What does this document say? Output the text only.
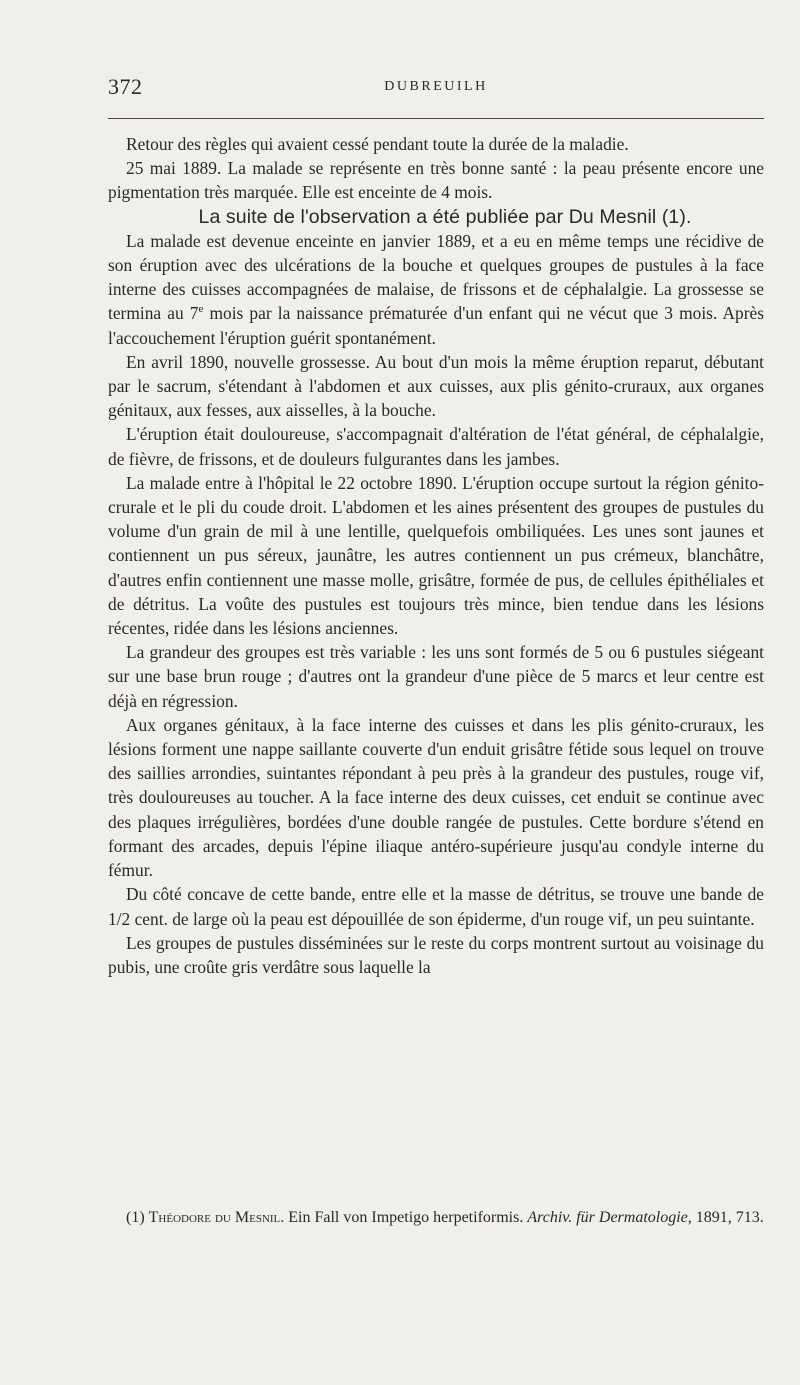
372	DUBREUILH

Retour des règles qui avaient cessé pendant toute la durée de la maladie.

25 mai 1889. La malade se représente en très bonne santé : la peau présente encore une pigmentation très marquée. Elle est enceinte de 4 mois.

La suite de l'observation a été publiée par Du Mesnil (1).

La malade est devenue enceinte en janvier 1889, et a eu en même temps une récidive de son éruption avec des ulcérations de la bouche et quelques groupes de pustules à la face interne des cuisses accompagnées de malaise, de frissons et de céphalalgie. La grossesse se termina au 7e mois par la naissance prématurée d'un enfant qui ne vécut que 3 mois. Après l'accouchement l'éruption guérit spontanément.

En avril 1890, nouvelle grossesse. Au bout d'un mois la même éruption reparut, débutant par le sacrum, s'étendant à l'abdomen et aux cuisses, aux plis génito-cruraux, aux organes génitaux, aux fesses, aux aisselles, à la bouche.

L'éruption était douloureuse, s'accompagnait d'altération de l'état général, de céphalalgie, de fièvre, de frissons, et de douleurs fulgurantes dans les jambes.

La malade entre à l'hôpital le 22 octobre 1890. L'éruption occupe surtout la région génito-crurale et le pli du coude droit. L'abdomen et les aines présentent des groupes de pustules du volume d'un grain de mil à une lentille, quelquefois ombiliquées. Les unes sont jaunes et contiennent un pus séreux, jaunâtre, les autres contiennent un pus crémeux, blanchâtre, d'autres enfin contiennent une masse molle, grisâtre, formée de pus, de cellules épithéliales et de détritus. La voûte des pustules est toujours très mince, bien tendue dans les lésions récentes, ridée dans les lésions anciennes.

La grandeur des groupes est très variable : les uns sont formés de 5 ou 6 pustules siégeant sur une base brun rouge ; d'autres ont la grandeur d'une pièce de 5 marcs et leur centre est déjà en régression.

Aux organes génitaux, à la face interne des cuisses et dans les plis génito-cruraux, les lésions forment une nappe saillante couverte d'un enduit grisâtre fétide sous lequel on trouve des saillies arrondies, suintantes répondant à peu près à la grandeur des pustules, rouge vif, très douloureuses au toucher. A la face interne des deux cuisses, cet enduit se continue avec des plaques irrégulières, bordées d'une double rangée de pustules. Cette bordure s'étend en formant des arcades, depuis l'épine iliaque antéro-supérieure jusqu'au condyle interne du fémur.

Du côté concave de cette bande, entre elle et la masse de détritus, se trouve une bande de 1/2 cent. de large où la peau est dépouillée de son épiderme, d'un rouge vif, un peu suintante.

Les groupes de pustules disséminées sur le reste du corps montrent surtout au voisinage du pubis, une croûte gris verdâtre sous laquelle la

(1) Théodore du Mesnil. Ein Fall von Impetigo herpetiformis. Archiv. für Dermatologie, 1891, 713.
